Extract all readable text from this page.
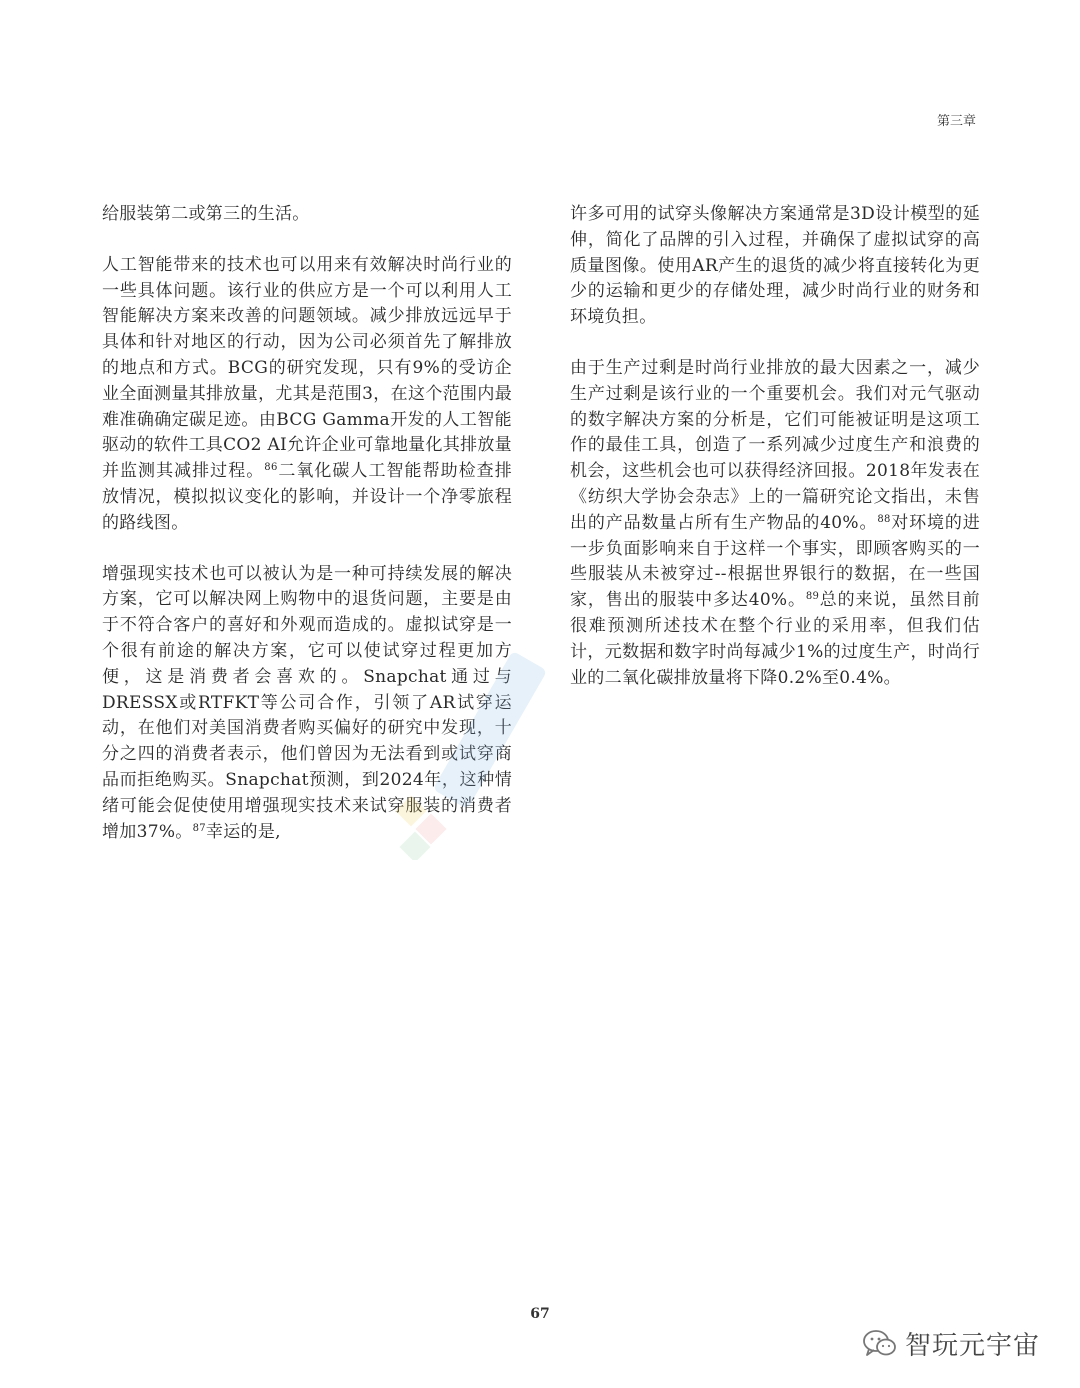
第三章

给服装第二或第三的生活。

人工智能带来的技术也可以用来有效解决时尚行业的一些具体问题。该行业的供应方是一个可以利用人工智能解决方案来改善的问题领域。减少排放远远早于具体和针对地区的行动，因为公司必须首先了解排放的地点和方式。BCG的研究发现，只有9%的受访企业全面测量其排放量，尤其是范围3，在这个范围内最难准确确定碳足迹。由BCG Gamma开发的人工智能驱动的软件工具CO2 AI允许企业可靠地量化其排放量并监测其减排过程。$^{86}$二氧化碳人工智能帮助检查排放情况，模拟拟议变化的影响，并设计一个净零旅程的路线图。

增强现实技术也可以被认为是一种可持续发展的解决方案，它可以解决网上购物中的退货问题，主要是由于不符合客户的喜好和外观而造成的。虚拟试穿是一个很有前途的解决方案，它可以使试穿过程更加方便，这是消费者会喜欢的。Snapchat通过与DRESSX或RTFKT等公司合作，引领了AR试穿运动，在他们对美国消费者购买偏好的研究中发现，十分之四的消费者表示，他们曾因为无法看到或试穿商品而拒绝购买。Snapchat预测，到2024年，这种情绪可能会促使使用增强现实技术来试穿服装的消费者增加37%。$^{87}$幸运的是,

许多可用的试穿头像解决方案通常是3D设计模型的延伸，简化了品牌的引入过程，并确保了虚拟试穿的高质量图像。使用AR产生的退货的减少将直接转化为更少的运输和更少的存储处理，减少时尚行业的财务和环境负担。

由于生产过剩是时尚行业排放的最大因素之一，减少生产过剩是该行业的一个重要机会。我们对元气驱动的数字解决方案的分析是，它们可能被证明是这项工作的最佳工具，创造了一系列减少过度生产和浪费的机会，这些机会也可以获得经济回报。2018年发表在《纺织大学协会杂志》上的一篇研究论文指出，未售出的产品数量占所有生产物品的40%。$^{88}$对环境的进一步负面影响来自于这样一个事实，即顾客购买的一些服装从未被穿过--根据世界银行的数据，在一些国家，售出的服装中多达40%。$^{89}$总的来说，虽然目前很难预测所述技术在整个行业的采用率，但我们估计，元数据和数字时尚每减少1%的过度生产，时尚行业的二氧化碳排放量将下降0.2%至0.4%。

67
智玩元宇宙
